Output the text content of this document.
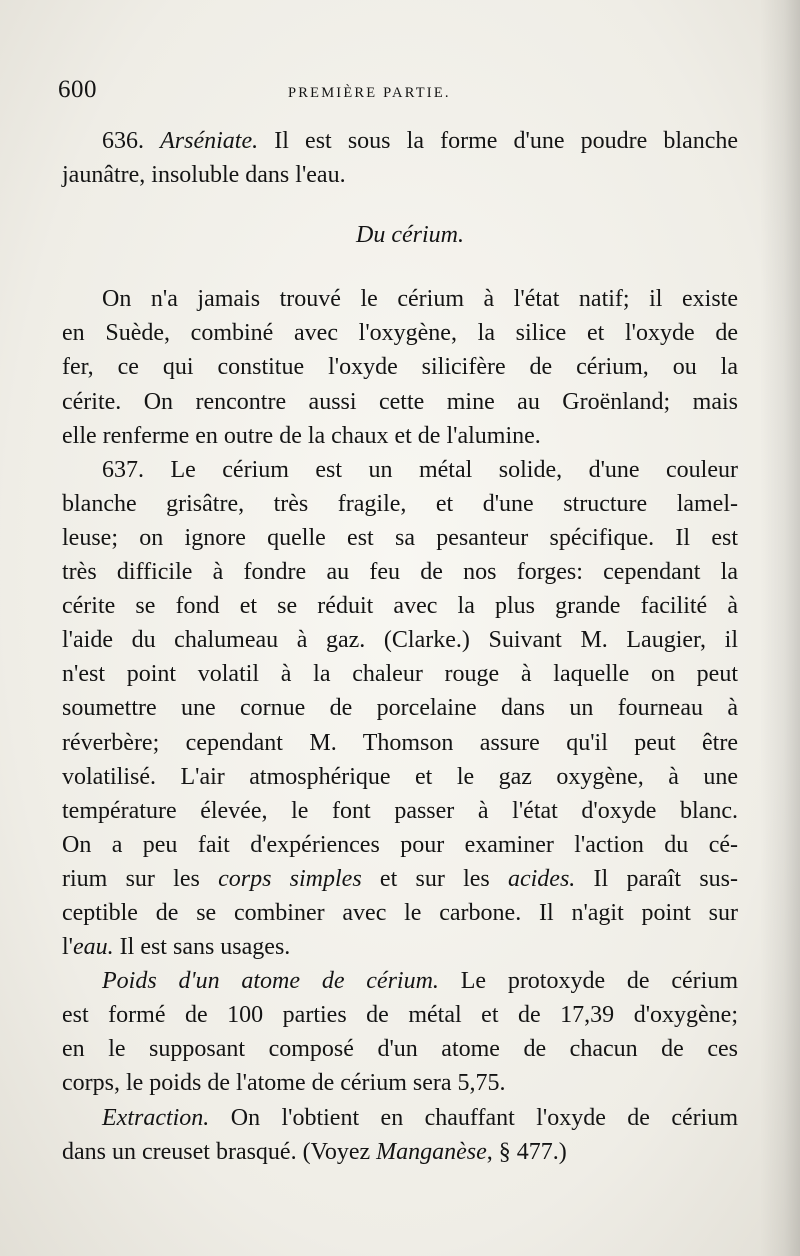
600	PREMIÈRE PARTIE.
636. Arséniate. Il est sous la forme d'une poudre blanche
jaunâtre, insoluble dans l'eau.
Du cérium.
On n'a jamais trouvé le cérium à l'état natif; il existe
en Suède, combiné avec l'oxygène, la silice et l'oxyde de
fer, ce qui constitue l'oxyde silicifère de cérium, ou la
cérite. On rencontre aussi cette mine au Groënland; mais
elle renferme en outre de la chaux et de l'alumine.
637. Le cérium est un métal solide, d'une couleur
blanche grisâtre, très fragile, et d'une structure lamel-
leuse; on ignore quelle est sa pesanteur spécifique. Il est
très difficile à fondre au feu de nos forges: cependant la
cérite se fond et se réduit avec la plus grande facilité à
l'aide du chalumeau à gaz. (Clarke.) Suivant M. Laugier, il
n'est point volatil à la chaleur rouge à laquelle on peut
soumettre une cornue de porcelaine dans un fourneau à
réverbère; cependant M. Thomson assure qu'il peut être
volatilisé. L'air atmosphérique et le gaz oxygène, à une
température élevée, le font passer à l'état d'oxyde blanc.
On a peu fait d'expériences pour examiner l'action du cé-
rium sur les corps simples et sur les acides. Il paraît sus-
ceptible de se combiner avec le carbone. Il n'agit point sur
l'eau. Il est sans usages.
Poids d'un atome de cérium. Le protoxyde de cérium
est formé de 100 parties de métal et de 17,39 d'oxygène;
en le supposant composé d'un atome de chacun de ces
corps, le poids de l'atome de cérium sera 5,75.
Extraction. On l'obtient en chauffant l'oxyde de cérium
dans un creuset brasqué. (Voyez Manganèse, § 477.)
